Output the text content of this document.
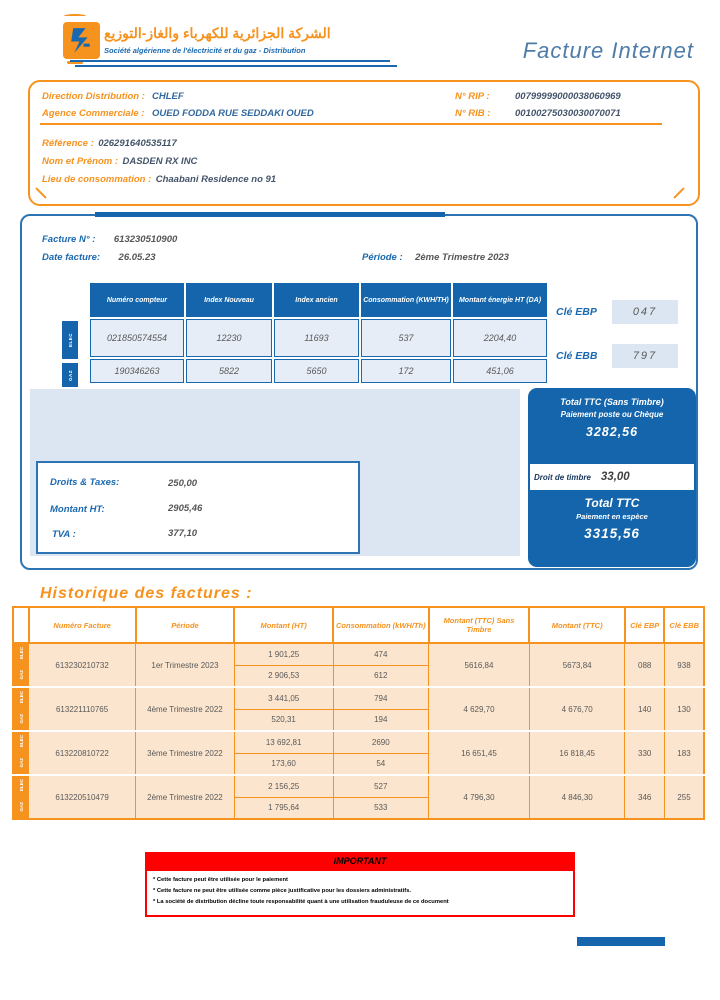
الشركة الجزائرية للكهرباء والغاز-التوزيع
Société algérienne de l'électricité et du gaz - Distribution	Facture Internet
Direction Distribution : CHLEF	N° RIP :	00799999000038060969
Agence Commerciale : OUED FODDA RUE SEDDAKI OUED	N° RIB :	00100275030030070071
Référence : 026291640535117
Nom et Prénom : DASDEN RX INC
Lieu de consommation : Chaabani Residence no 91
Facture N° : 613230510900
Date facture: 26.05.23	Période : 2ème Trimestre 2023
Numéro compteur	Index Nouveau	Index ancien	Consommation (KWH/TH)	Montant énergie HT (DA)
021850574554	12230	11693	537	2204,40
190346263	5822	5650	172	451,06
ELEC
GAZ
Clé EBP	047
Clé EBB	797
Droits & Taxes:	250,00
Montant HT:	2905,46
TVA :	377,10
Total TTC (Sans Timbre)
Paiement poste ou Chèque
3282,56
Droit de timbre 33,00
Total TTC
Paiement en espèce
3315,56
Historique des factures :
	Numéro Facture	Période	Montant (HT)	Consommation (kWH/Th)	Montant (TTC) Sans Timbre	Montant (TTC)	Clé EBP	Clé EBB
ELEC	613230210732	1er Trimestre 2023	1 901,25	474	5616,84	5673,84	088	938
GAZ			2 906,53	612				
ELEC	613221110765	4ème Trimestre 2022	3 441,05	794	4 629,70	4 676,70	140	130
GAZ			520,31	194				
ELEC	613220810722	3ème Trimestre 2022	13 692,81	2690	16 651,45	16 818,45	330	183
GAZ			173,60	54				
ELEC	613220510479	2ème Trimestre 2022	2 156,25	527	4 796,30	4 846,30	346	255
GAZ			1 795,64	533				
IMPORTANT
* Cette facture peut être utilisée pour le paiement
* Cette facture ne peut être utilisée comme pièce justificative pour les dossiers administratifs.
* La société de distribution décline toute responsabilité quant à une utilisation frauduleuse de ce document
